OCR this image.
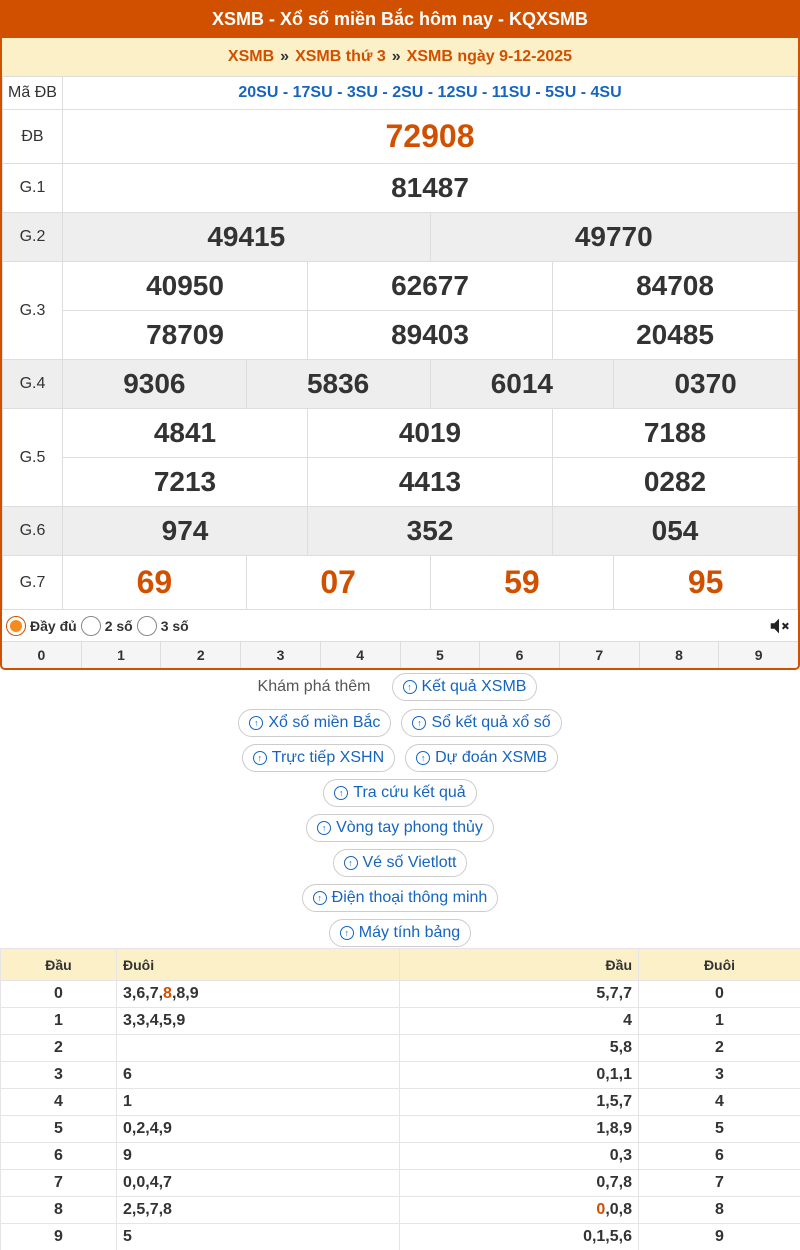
XSMB - Xổ số miền Bắc hôm nay - KQXSMB
XSMB » XSMB thứ 3 » XSMB ngày 9-12-2025
Mã ĐB	20SU - 17SU - 3SU - 2SU - 12SU - 11SU - 5SU - 4SU					
ĐB	72908					
G.1	81487					
G.2	49415			49770		
G.3	40950		62677		84708	
	78709		89403		20485	
G.4	9306	5836		6014		0370
G.5	4841		4019		7188	
	7213		4413		0282	
G.6	974		352		054	
G.7	69	07		59		95
Đầy đủ 2 số 3 số
0	1	2	3	4	5	6	7	8	9
Khám phá thêm	↑ Kết quả XSMB
↑ Xổ số miền Bắc	↑ Sổ kết quả xổ số
↑ Trực tiếp XSHN	↑ Dự đoán XSMB
↑ Tra cứu kết quả
↑ Vòng tay phong thủy
↑ Vé số Vietlott
↑ Điện thoại thông minh
↑ Máy tính bảng
Đầu	Đuôi	Đầu	Đuôi
0	3,6,7,8,8,9	5,7,7	0
1	3,3,4,5,9	4	1
2		5,8	2
3	6	0,1,1	3
4	1	1,5,7	4
5	0,2,4,9	1,8,9	5
6	9	0,3	6
7	0,0,4,7	0,7,8	7
8	2,5,7,8	0,0,8	8
9	5	0,1,5,6	9
